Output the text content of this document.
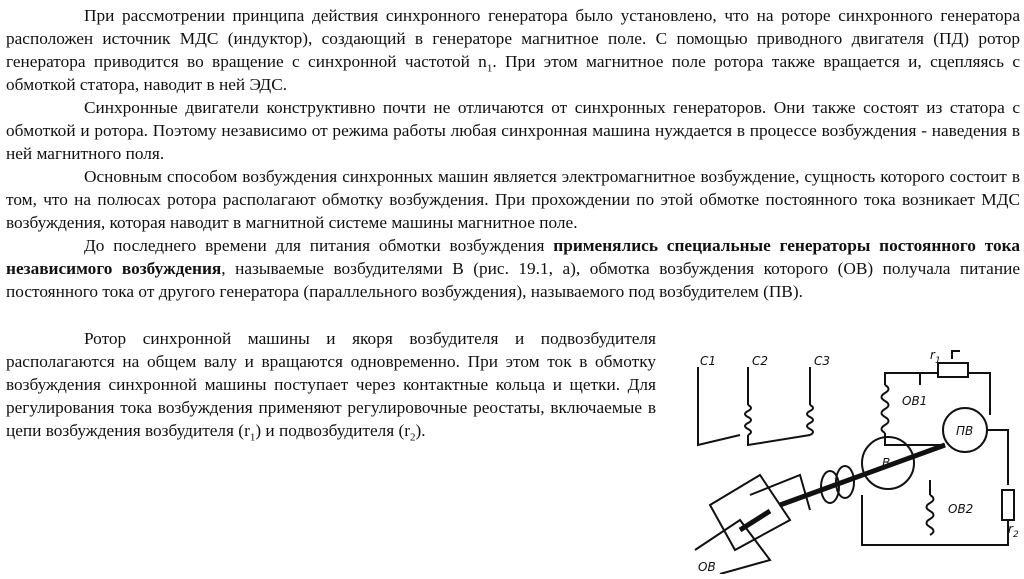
При рассмотрении принципа действия синхронного генератора было установлено, что на роторе синхронного генератора расположен источник МДС (индуктор), создающий в генераторе магнитное поле. С помощью приводного двигателя (ПД) ротор генератора приводится во вращение с синхронной частотой $n_1$. При этом магнитное поле ротора также вращается и, сцепляясь с обмоткой статора, наводит в ней ЭДС.

Синхронные двигатели конструктивно почти не отличаются от синхронных генераторов. Они также состоят из статора с обмоткой и ротора. Поэтому независимо от режима работы любая синхронная машина нуждается в процессе возбуждения - наведения в ней магнитного поля.

Основным способом возбуждения синхронных машин является электромагнитное возбуждение, сущность которого состоит в том, что на полюсах ротора располагают обмотку возбуждения. При прохождении по этой обмотке постоянного тока возникает МДС возбуждения, которая наводит в магнитной системе машины магнитное поле.

До последнего времени для питания обмотки возбуждения применялись специальные генераторы постоянного тока независимого возбуждения, называемые возбудителями В (рис. 19.1, а), обмотка возбуждения которого (ОВ) получала питание постоянного тока от другого генератора (параллельного возбуждения), называемого под возбудителем (ПВ).

Ротор синхронной машины и якоря возбудителя и подвозбудителя располагаются на общем валу и вращаются одновременно. При этом ток в обмотку возбуждения синхронной машины поступает через контактные кольца и щетки. Для регулирования тока возбуждения применяют регулировочные реостаты, включаемые в цепи возбуждения возбудителя $(r_1)$ и подвозбудителя $(r_2)$.

C1	C2	C3	$r_1$
ОВ1
ПВ
В
ОВ2
$r_2$
ОВ
